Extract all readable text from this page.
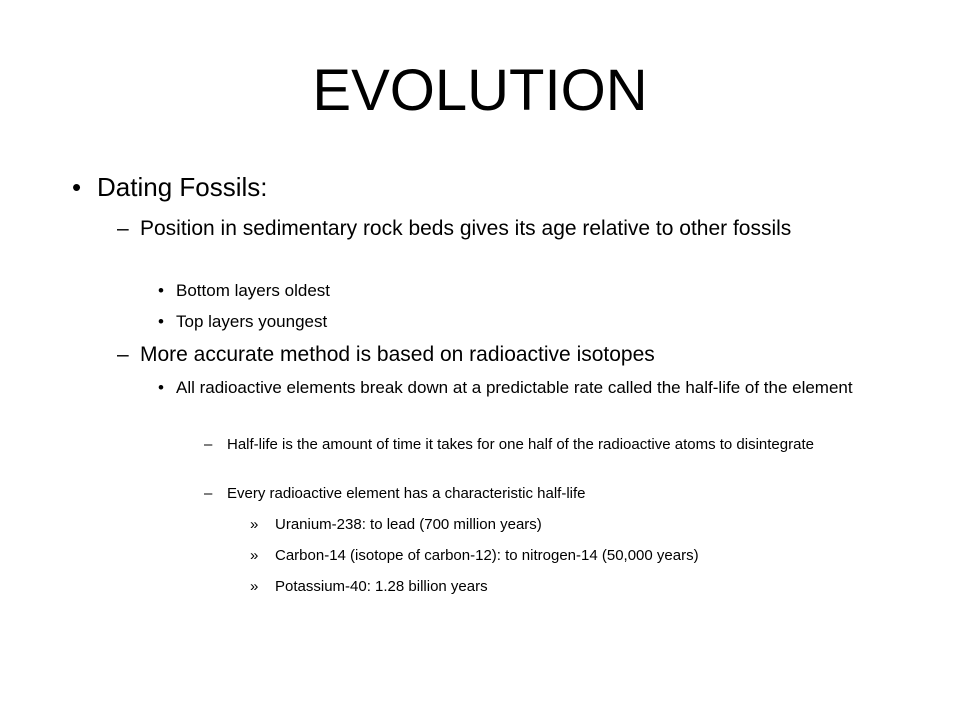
EVOLUTION
• Dating Fossils:
– Position in sedimentary rock beds gives its age relative to other fossils
• Bottom layers oldest
• Top layers youngest
– More accurate method is based on radioactive isotopes
• All radioactive elements break down at a predictable rate called the half-life of the element
– Half-life is the amount of time it takes for one half of the radioactive atoms to disintegrate
– Every radioactive element has a characteristic half-life
»	Uranium-238: to lead (700 million years)
»	Carbon-14 (isotope of carbon-12): to nitrogen-14 (50,000 years)
»	Potassium-40: 1.28 billion years
